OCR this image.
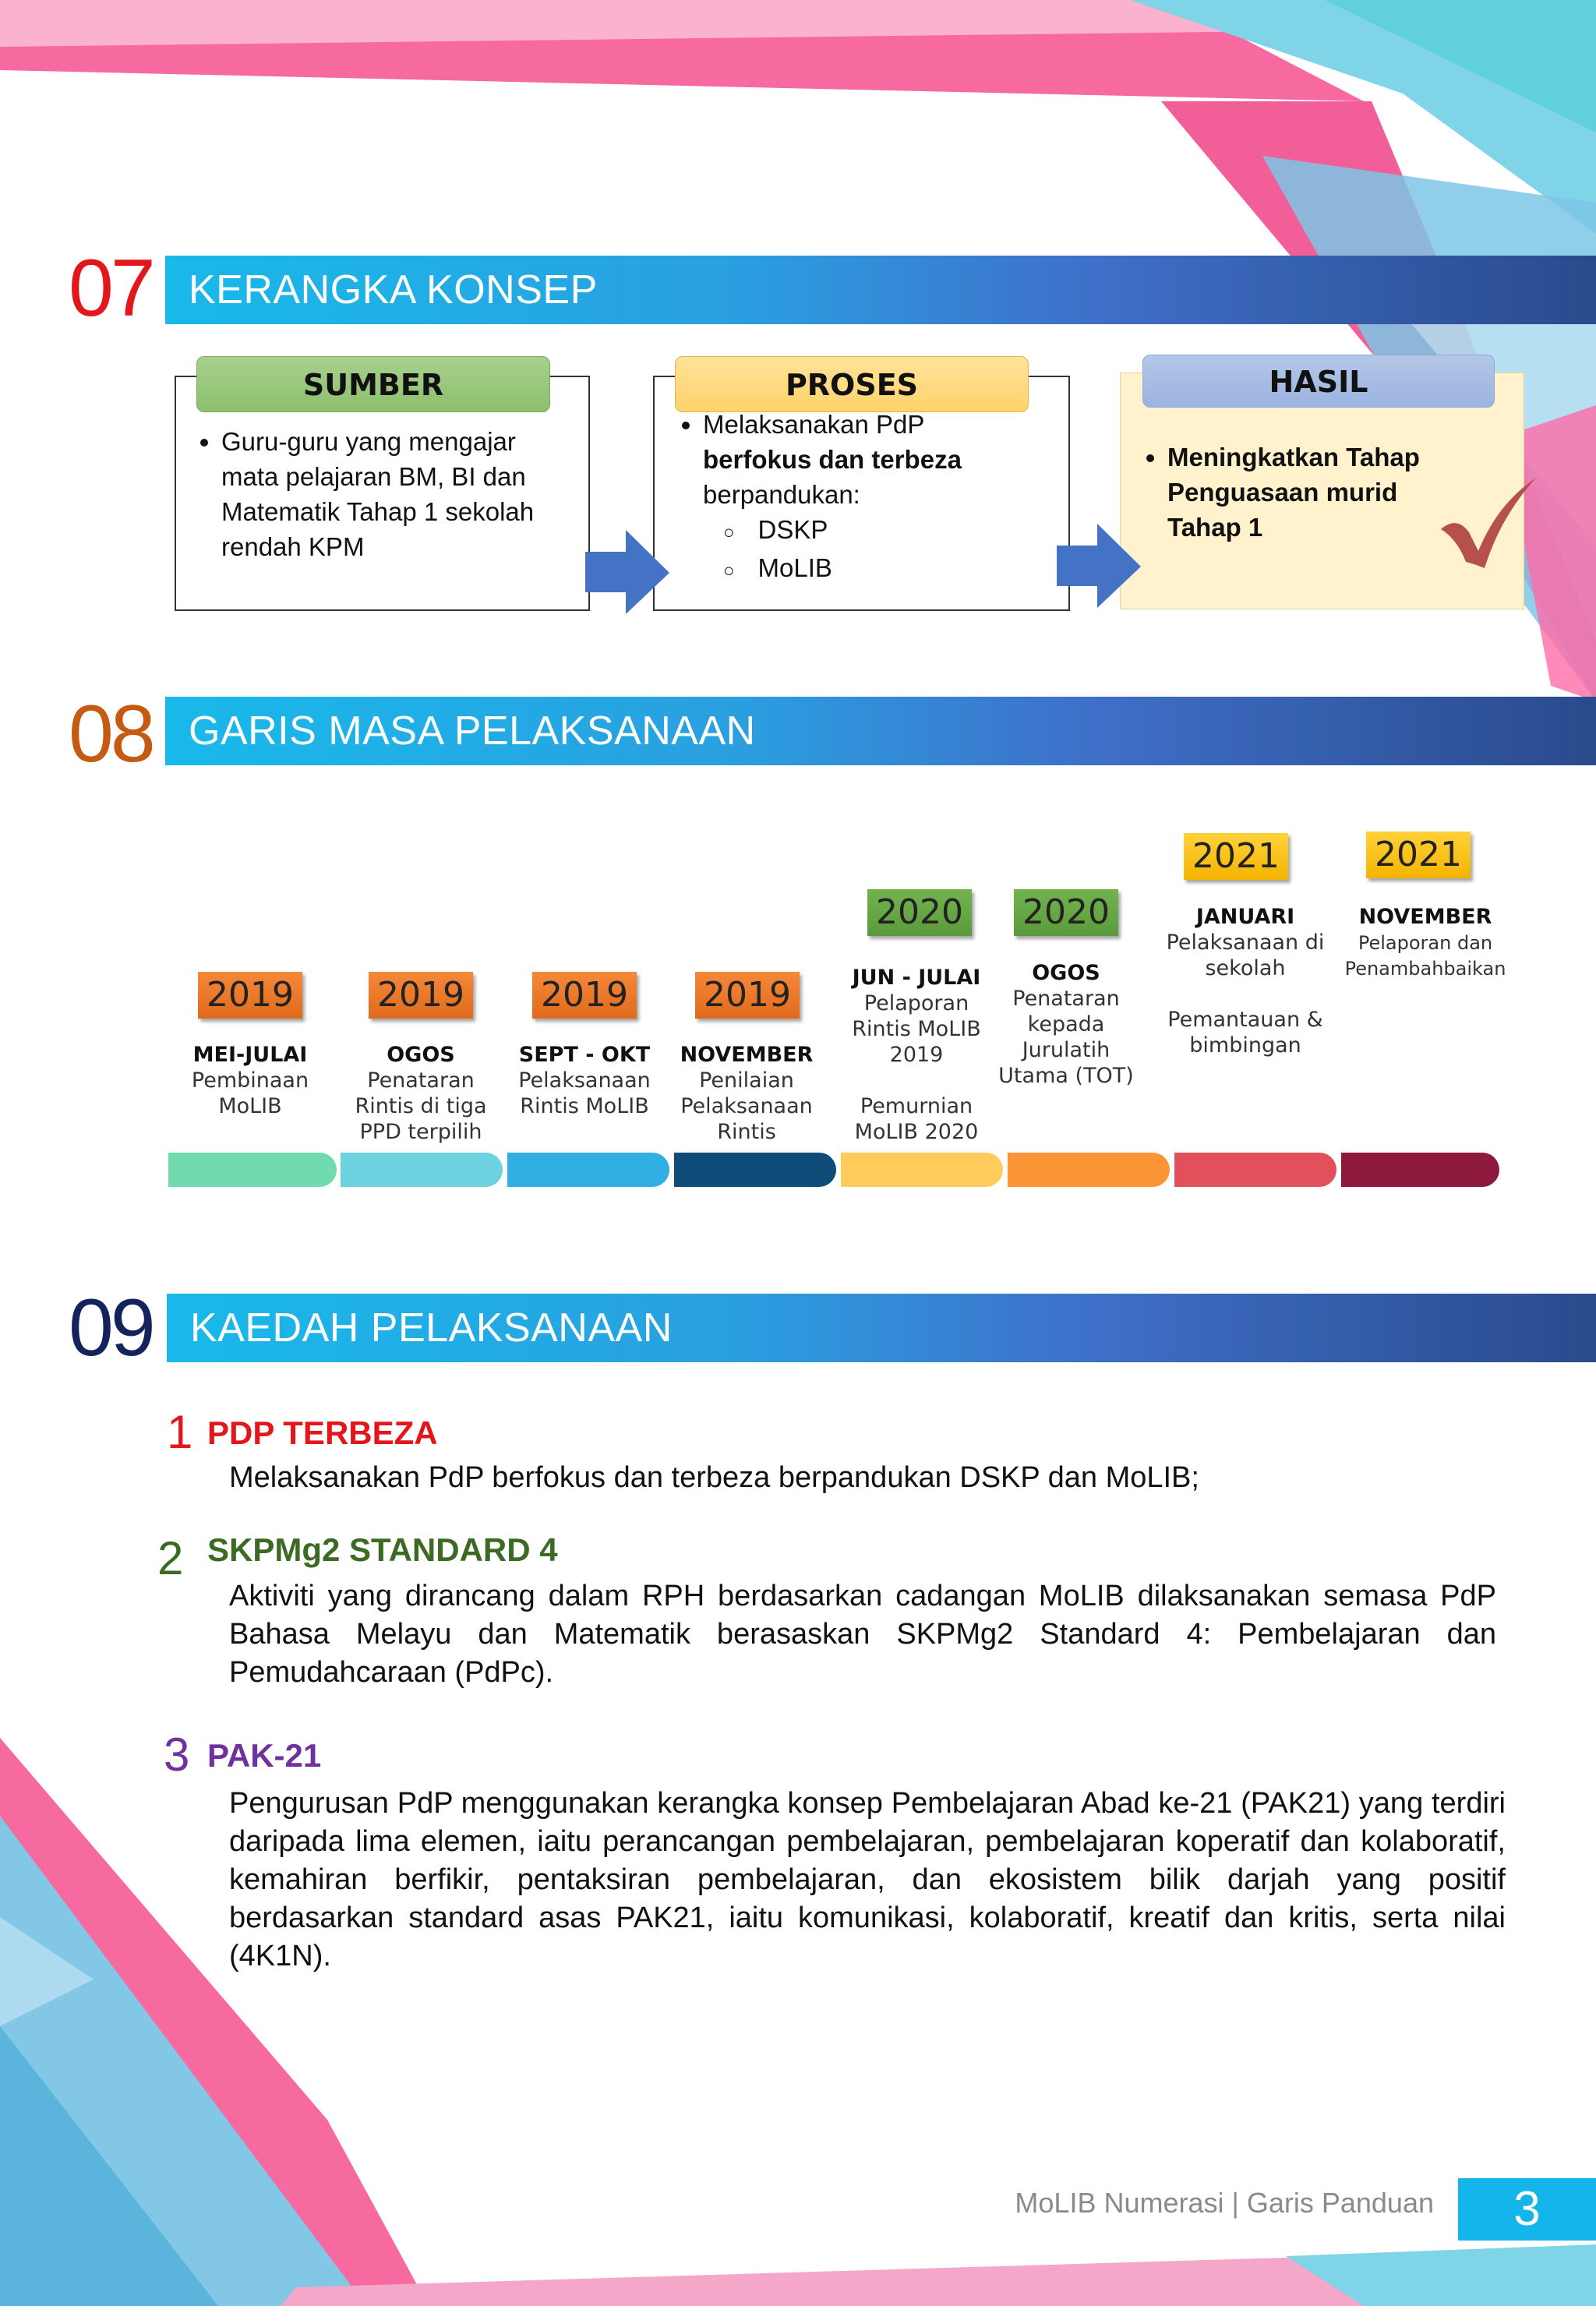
07 KERANGKA KONSEP
SUMBER
• Guru-guru yang mengajar mata pelajaran BM, BI dan Matematik Tahap 1 sekolah rendah KPM
PROSES
• Melaksanakan PdP
berfokus dan terbeza
berpandukan:
○ DSKP
○ MoLIB
HASIL
• Meningkatkan Tahap Penguasaan murid Tahap 1
08 GARIS MASA PELAKSANAAN
2019 2019 2019 2019
2020 2020
2021	2021
MEI-JULAI
Pembinaan MoLIB
OGOS
Penataran Rintis di tiga PPD terpilih
SEPT - OKT
Pelaksanaan Rintis MoLIB
NOVEMBER
Penilaian Pelaksanaan Rintis
JUN - JULAI
Pelaporan Rintis MoLIB 2019

Pemurnian MoLIB 2020
OGOS
Penataran kepada Jurulatih Utama (TOT)
JANUARI
Pelaksanaan di sekolah

Pemantauan & bimbingan
NOVEMBER
Pelaporan dan Penambahbaikan
09 KAEDAH PELAKSANAAN
1 PDP TERBEZA
Melaksanakan PdP berfokus dan terbeza berpandukan DSKP dan MoLIB;
2 SKPMg2 STANDARD 4
Aktiviti yang dirancang dalam RPH berdasarkan cadangan MoLIB dilaksanakan semasa PdP Bahasa Melayu dan Matematik berasaskan SKPMg2 Standard 4: Pembelajaran dan Pemudahcaraan (PdPc).
3 PAK-21
Pengurusan PdP menggunakan kerangka konsep Pembelajaran Abad ke-21 (PAK21) yang terdiri daripada lima elemen, iaitu perancangan pembelajaran, pembelajaran koperatif dan kolaboratif, kemahiran berfikir, pentaksiran pembelajaran, dan ekosistem bilik darjah yang positif berdasarkan standard asas PAK21, iaitu komunikasi, kolaboratif, kreatif dan kritis, serta nilai (4K1N).
MoLIB Numerasi | Garis Panduan	3
